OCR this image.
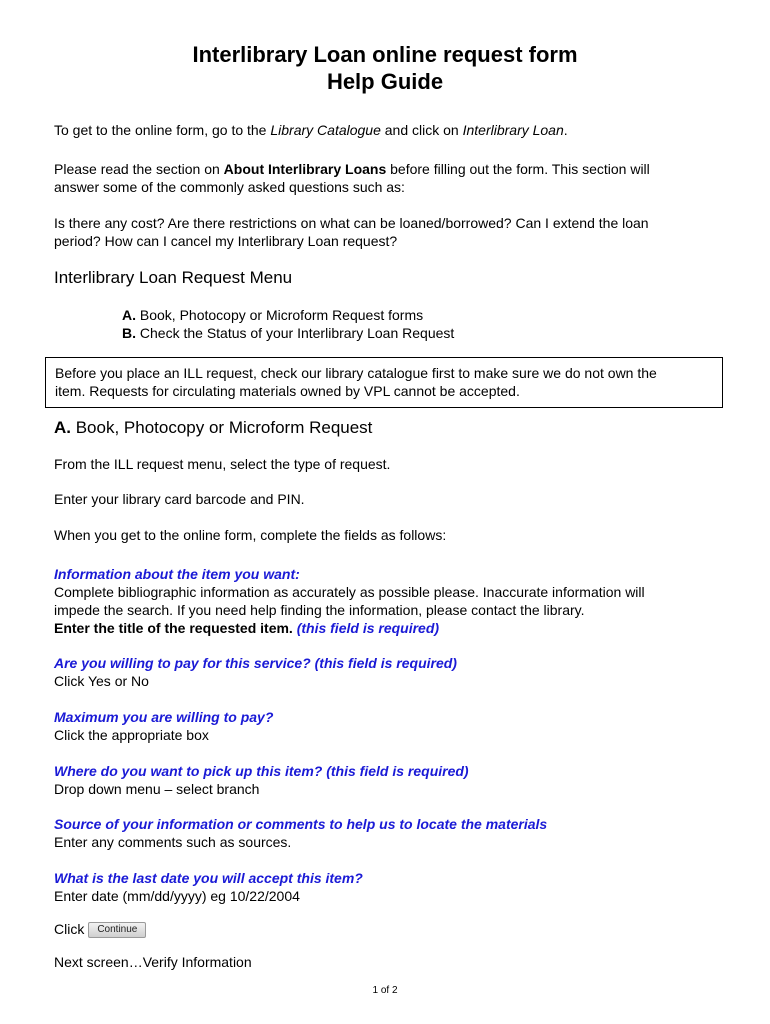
Interlibrary Loan online request form
Help Guide
To get to the online form, go to the Library Catalogue and click on Interlibrary Loan.
Please read the section on About Interlibrary Loans before filling out the form. This section will
answer some of the commonly asked questions such as:
Is there any cost? Are there restrictions on what can be loaned/borrowed? Can I extend the loan
period? How can I cancel my Interlibrary Loan request?
Interlibrary Loan Request Menu
A. Book, Photocopy or Microform Request forms
B. Check the Status of your Interlibrary Loan Request
Before you place an ILL request, check our library catalogue first to make sure we do not own the
item. Requests for circulating materials owned by VPL cannot be accepted.
A. Book, Photocopy or Microform Request
From the ILL request menu, select the type of request.
Enter your library card barcode and PIN.
When you get to the online form, complete the fields as follows:
Information about the item you want:
Complete bibliographic information as accurately as possible please. Inaccurate information will
impede the search. If you need help finding the information, please contact the library.
Enter the title of the requested item. (this field is required)
Are you willing to pay for this service? (this field is required)
Click Yes or No
Maximum you are willing to pay?
Click the appropriate box
Where do you want to pick up this item? (this field is required)
Drop down menu – select branch
Source of your information or comments to help us to locate the materials
Enter any comments such as sources.
What is the last date you will accept this item?
Enter date (mm/dd/yyyy) eg 10/22/2004
Click Continue
Next screen…Verify Information
1 of 2
